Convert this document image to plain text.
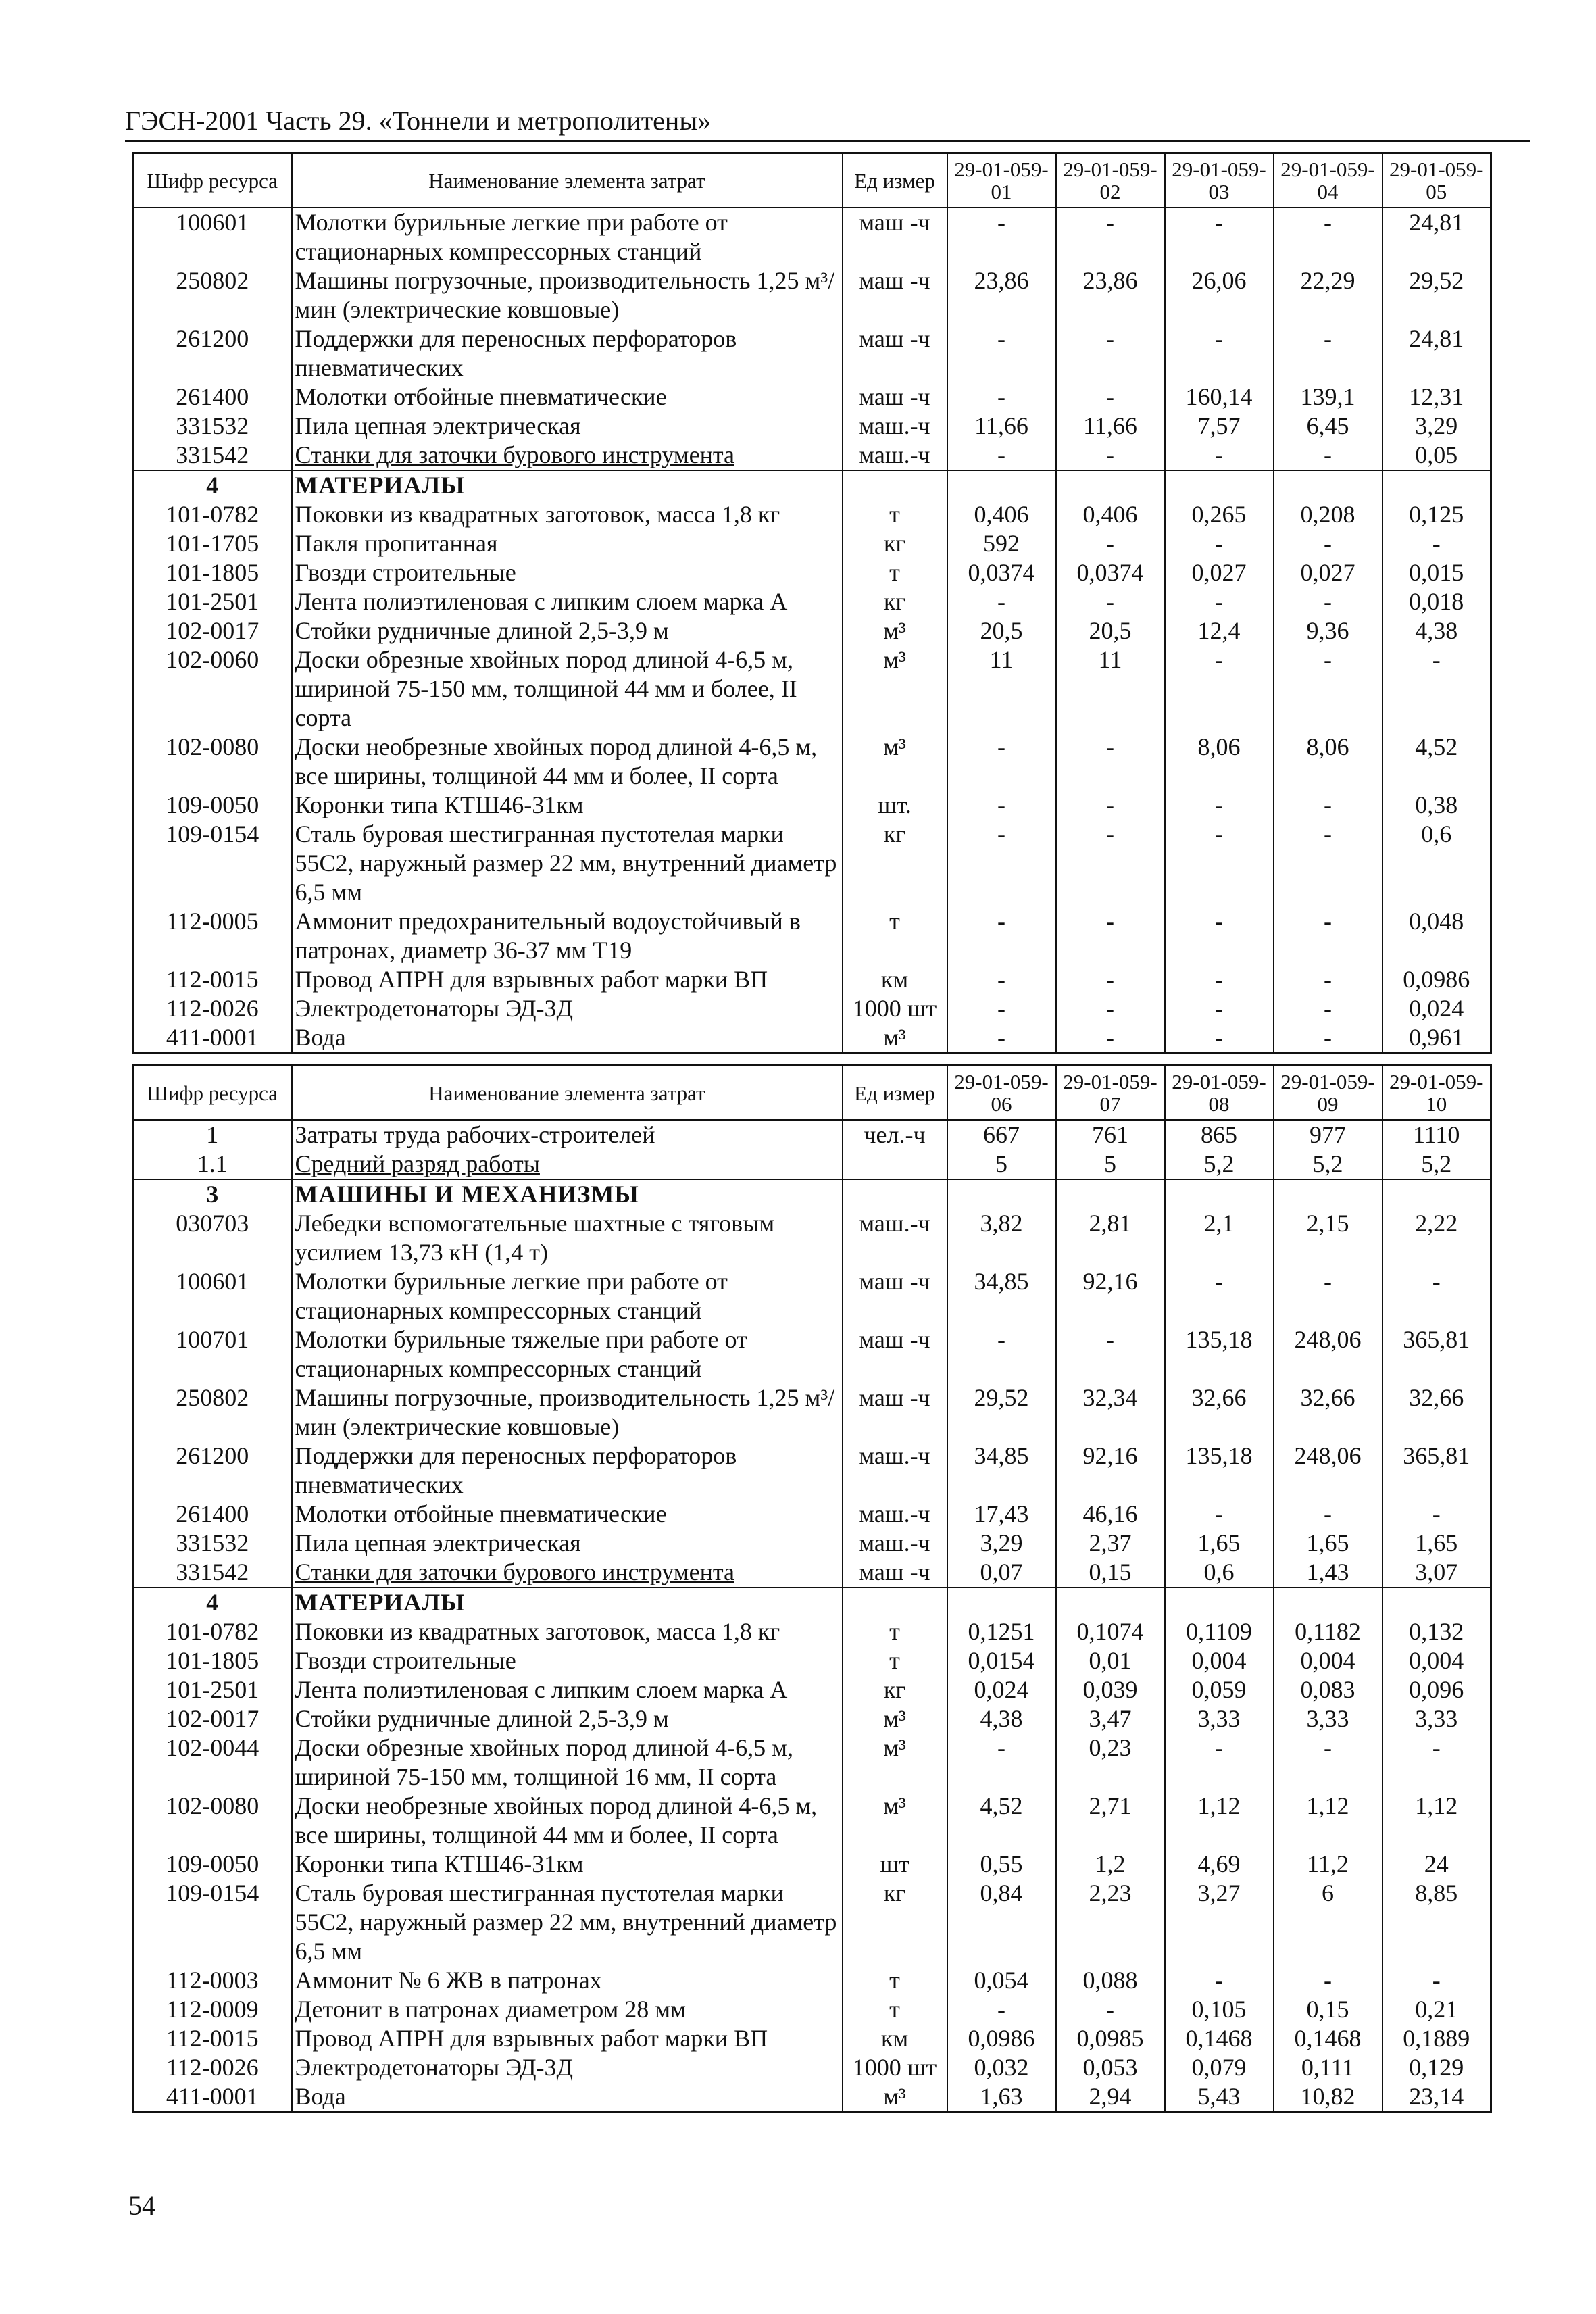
ГЭСН-2001 Часть 29. «Тоннели и метрополитены»
Шифр ресурса	Наименование элемента затрат	Ед измер	29-01-059-01	29-01-059-02	29-01-059-03	29-01-059-04	29-01-059-05
100601	Молотки бурильные легкие при работе от стационарных компрессорных станций	маш -ч	-	-	-	-	24,81
250802	Машины погрузочные, производительность 1,25 м³/мин (электрические ковшовые)	маш -ч	23,86	23,86	26,06	22,29	29,52
261200	Поддержки для переносных перфораторов пневматических	маш -ч	-	-	-	-	24,81
261400	Молотки отбойные пневматические	маш -ч	-	-	160,14	139,1	12,31
331532	Пила цепная электрическая	маш.-ч	11,66	11,66	7,57	6,45	3,29
331542	Станки для заточки бурового инструмента	маш.-ч	-	-	-	-	0,05
4	МАТЕРИАЛЫ						
101-0782	Поковки из квадратных заготовок, масса 1,8 кг	т	0,406	0,406	0,265	0,208	0,125
101-1705	Пакля пропитанная	кг	592	-	-	-	-
101-1805	Гвозди строительные	т	0,0374	0,0374	0,027	0,027	0,015
101-2501	Лента полиэтиленовая с липким слоем марка А	кг	-	-	-	-	0,018
102-0017	Стойки рудничные длиной 2,5-3,9 м	м³	20,5	20,5	12,4	9,36	4,38
102-0060	Доски обрезные хвойных пород длиной 4-6,5 м, шириной 75-150 мм, толщиной 44 мм и более, II сорта	м³	11	11	-	-	-
102-0080	Доски необрезные хвойных пород длиной 4-6,5 м, все ширины, толщиной 44 мм и более, II сорта	м³	-	-	8,06	8,06	4,52
109-0050	Коронки типа КТШ46-31км	шт.	-	-	-	-	0,38
109-0154	Сталь буровая шестигранная пустотелая марки 55С2, наружный размер 22 мм, внутренний диаметр 6,5 мм	кг	-	-	-	-	0,6
112-0005	Аммонит предохранительный водоустойчивый в патронах, диаметр 36-37 мм Т19	т	-	-	-	-	0,048
112-0015	Провод АПРН для взрывных работ марки ВП	км	-	-	-	-	0,0986
112-0026	Электродетонаторы ЭД-3Д	1000 шт	-	-	-	-	0,024
411-0001	Вода	м³	-	-	-	-	0,961
Шифр ресурса	Наименование элемента затрат	Ед измер	29-01-059-06	29-01-059-07	29-01-059-08	29-01-059-09	29-01-059-10
1	Затраты труда рабочих-строителей	чел.-ч	667	761	865	977	1110
1.1	Средний разряд работы		5	5	5,2	5,2	5,2
3	МАШИНЫ И МЕХАНИЗМЫ						
030703	Лебедки вспомогательные шахтные с тяговым усилием 13,73 кН (1,4 т)	маш.-ч	3,82	2,81	2,1	2,15	2,22
100601	Молотки бурильные легкие при работе от стационарных компрессорных станций	маш -ч	34,85	92,16	-	-	-
100701	Молотки бурильные тяжелые при работе от стационарных компрессорных станций	маш -ч	-	-	135,18	248,06	365,81
250802	Машины погрузочные, производительность 1,25 м³/мин (электрические ковшовые)	маш -ч	29,52	32,34	32,66	32,66	32,66
261200	Поддержки для переносных перфораторов пневматических	маш.-ч	34,85	92,16	135,18	248,06	365,81
261400	Молотки отбойные пневматические	маш.-ч	17,43	46,16	-	-	-
331532	Пила цепная электрическая	маш.-ч	3,29	2,37	1,65	1,65	1,65
331542	Станки для заточки бурового инструмента	маш -ч	0,07	0,15	0,6	1,43	3,07
4	МАТЕРИАЛЫ						
101-0782	Поковки из квадратных заготовок, масса 1,8 кг	т	0,1251	0,1074	0,1109	0,1182	0,132
101-1805	Гвозди строительные	т	0,0154	0,01	0,004	0,004	0,004
101-2501	Лента полиэтиленовая с липким слоем марка А	кг	0,024	0,039	0,059	0,083	0,096
102-0017	Стойки рудничные длиной 2,5-3,9 м	м³	4,38	3,47	3,33	3,33	3,33
102-0044	Доски обрезные хвойных пород длиной 4-6,5 м, шириной 75-150 мм, толщиной 16 мм, II сорта	м³	-	0,23	-	-	-
102-0080	Доски необрезные хвойных пород длиной 4-6,5 м, все ширины, толщиной 44 мм и более, II сорта	м³	4,52	2,71	1,12	1,12	1,12
109-0050	Коронки типа КТШ46-31км	шт	0,55	1,2	4,69	11,2	24
109-0154	Сталь буровая шестигранная пустотелая марки 55С2, наружный размер 22 мм, внутренний диаметр 6,5 мм	кг	0,84	2,23	3,27	6	8,85
112-0003	Аммонит № 6 ЖВ в патронах	т	0,054	0,088	-	-	-
112-0009	Детонит в патронах диаметром 28 мм	т	-	-	0,105	0,15	0,21
112-0015	Провод АПРН для взрывных работ марки ВП	км	0,0986	0,0985	0,1468	0,1468	0,1889
112-0026	Электродетонаторы ЭД-3Д	1000 шт	0,032	0,053	0,079	0,111	0,129
411-0001	Вода	м³	1,63	2,94	5,43	10,82	23,14
54
